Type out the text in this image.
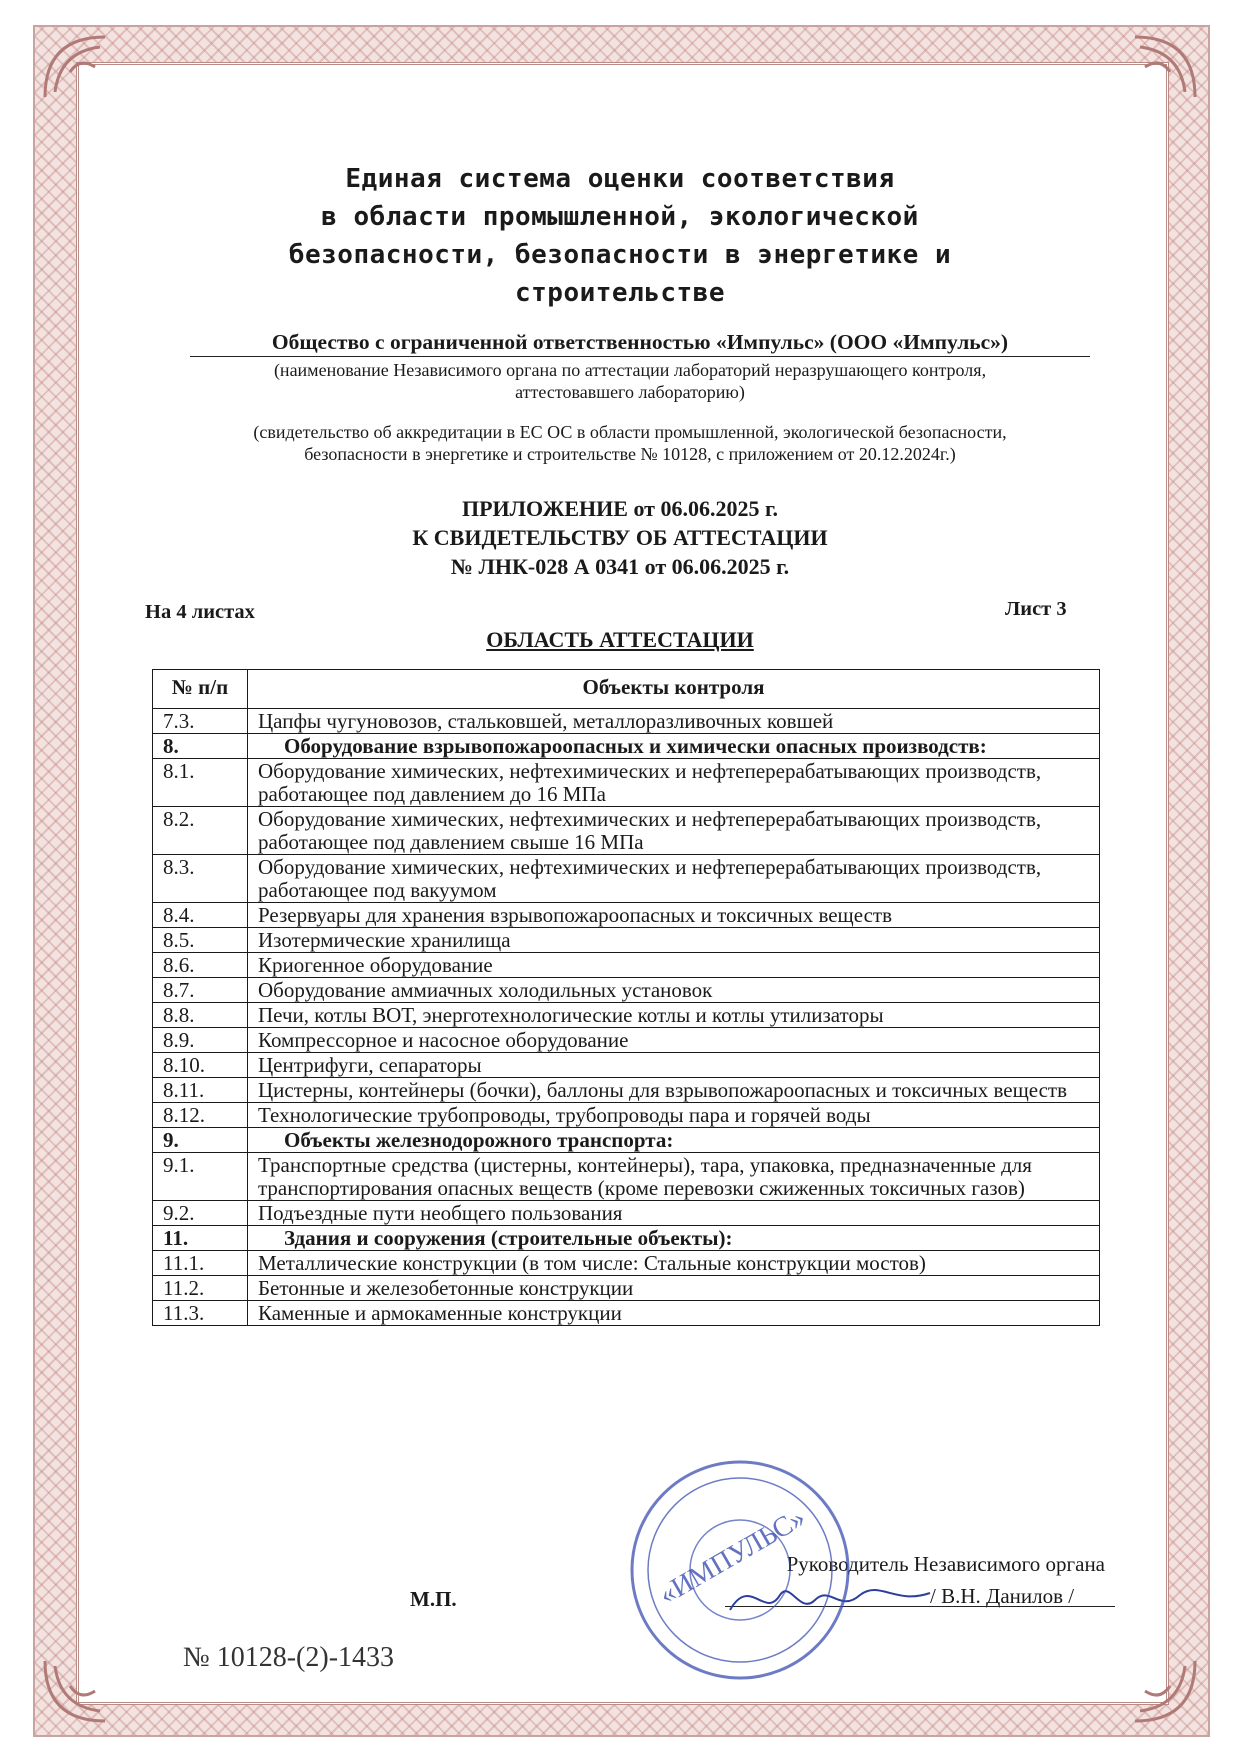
Единая система оценки соответствия
в области промышленной, экологической
безопасности, безопасности в энергетике и
строительстве
Общество с ограниченной ответственностью «Импульс» (ООО «Импульс»)
(наименование Независимого органа по аттестации лабораторий неразрушающего контроля,
аттестовавшего лабораторию)
(свидетельство об аккредитации в ЕС ОС в области промышленной, экологической безопасности,
безопасности в энергетике и строительстве № 10128, с приложением от 20.12.2024г.)
ПРИЛОЖЕНИЕ от 06.06.2025 г.
К СВИДЕТЕЛЬСТВУ ОБ АТТЕСТАЦИИ
№ ЛНК-028 А 0341 от 06.06.2025 г.
На 4 листах	Лист 3
ОБЛАСТЬ АТТЕСТАЦИИ
№ п/п	Объекты контроля
7.3.	Цапфы чугуновозов, стальковшей, металлоразливочных ковшей
8.	Оборудование взрывопожароопасных и химически опасных производств:
8.1.	Оборудование химических, нефтехимических и нефтеперерабатывающих производств, работающее под давлением до 16 МПа
8.2.	Оборудование химических, нефтехимических и нефтеперерабатывающих производств, работающее под давлением свыше 16 МПа
8.3.	Оборудование химических, нефтехимических и нефтеперерабатывающих производств, работающее под вакуумом
8.4.	Резервуары для хранения взрывопожароопасных и токсичных веществ
8.5.	Изотермические хранилища
8.6.	Криогенное оборудование
8.7.	Оборудование аммиачных холодильных установок
8.8.	Печи, котлы ВОТ, энерготехнологические котлы и котлы утилизаторы
8.9.	Компрессорное и насосное оборудование
8.10.	Центрифуги, сепараторы
8.11.	Цистерны, контейнеры (бочки), баллоны для взрывопожароопасных и токсичных веществ
8.12.	Технологические трубопроводы, трубопроводы пара и горячей воды
9.	Объекты железнодорожного транспорта:
9.1.	Транспортные средства (цистерны, контейнеры), тара, упаковка, предназначенные для транспортирования опасных веществ (кроме перевозки сжиженных токсичных газов)
9.2.	Подъездные пути необщего пользования
11.	Здания и сооружения (строительные объекты):
11.1.	Металлические конструкции (в том числе: Стальные конструкции мостов)
11.2.	Бетонные и железобетонные конструкции
11.3.	Каменные и армокаменные конструкции
Руководитель Независимого органа
/ В.Н. Данилов /
М.П.
№ 10128-(2)-1433
«ИМПУЛЬС»
